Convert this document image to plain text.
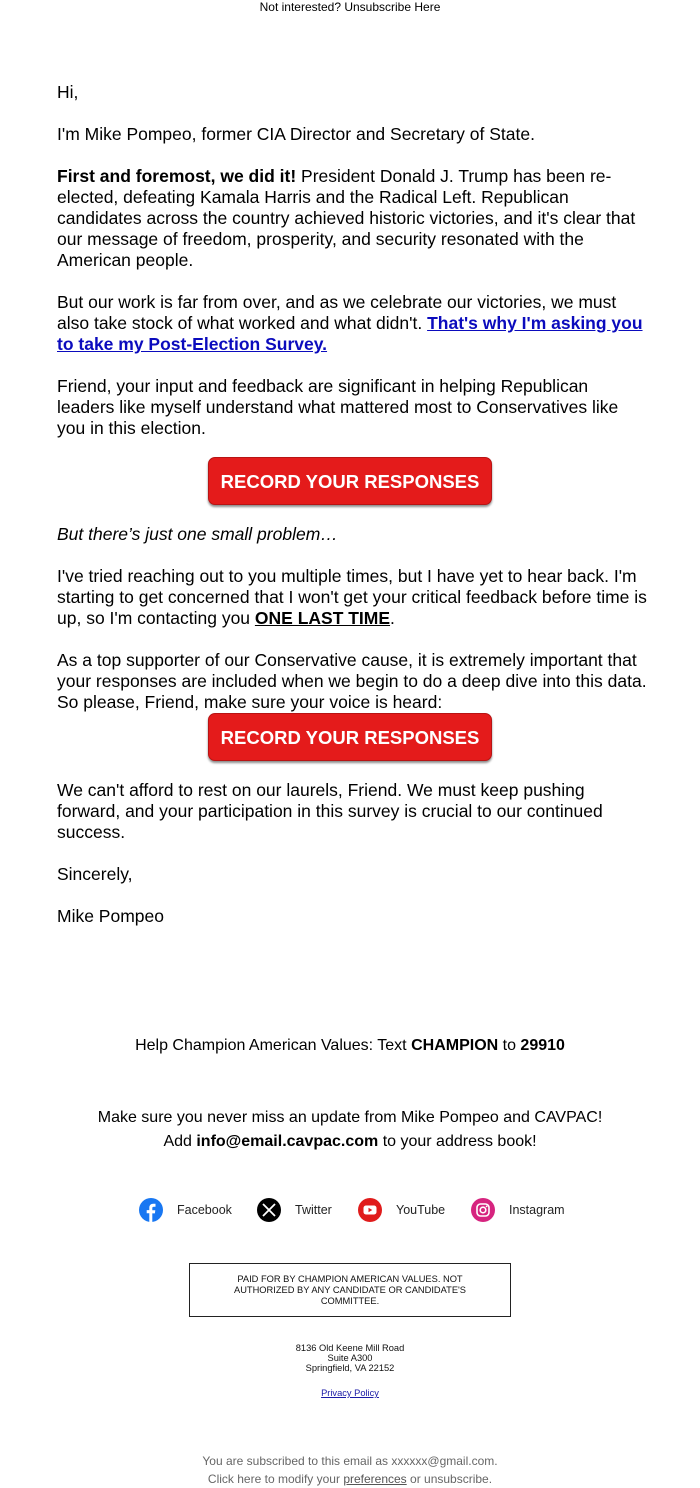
Not interested? Unsubscribe Here

Hi,

I'm Mike Pompeo, former CIA Director and Secretary of State.

First and foremost, we did it! President Donald J. Trump has been re-elected, defeating Kamala Harris and the Radical Left. Republican candidates across the country achieved historic victories, and it's clear that our message of freedom, prosperity, and security resonated with the American people.

But our work is far from over, and as we celebrate our victories, we must also take stock of what worked and what didn't. That's why I'm asking you to take my Post-Election Survey.

Friend, your input and feedback are significant in helping Republican leaders like myself understand what mattered most to Conservatives like you in this election.

RECORD YOUR RESPONSES

But there’s just one small problem…

I've tried reaching out to you multiple times, but I have yet to hear back. I'm starting to get concerned that I won't get your critical feedback before time is up, so I'm contacting you ONE LAST TIME.

As a top supporter of our Conservative cause, it is extremely important that your responses are included when we begin to do a deep dive into this data. So please, Friend, make sure your voice is heard:

RECORD YOUR RESPONSES

We can't afford to rest on our laurels, Friend. We must keep pushing forward, and your participation in this survey is crucial to our continued success.

Sincerely,

Mike Pompeo

Help Champion American Values: Text CHAMPION to 29910
Make sure you never miss an update from Mike Pompeo and CAVPAC!
Add info@email.cavpac.com to your address book!
Facebook	Twitter	YouTube	Instagram
PAID FOR BY CHAMPION AMERICAN VALUES. NOT AUTHORIZED BY ANY CANDIDATE OR CANDIDATE'S COMMITTEE.
8136 Old Keene Mill Road
Suite A300
Springfield, VA 22152
Privacy Policy
You are subscribed to this email as xxxxxx@gmail.com.
Click here to modify your preferences or unsubscribe.
